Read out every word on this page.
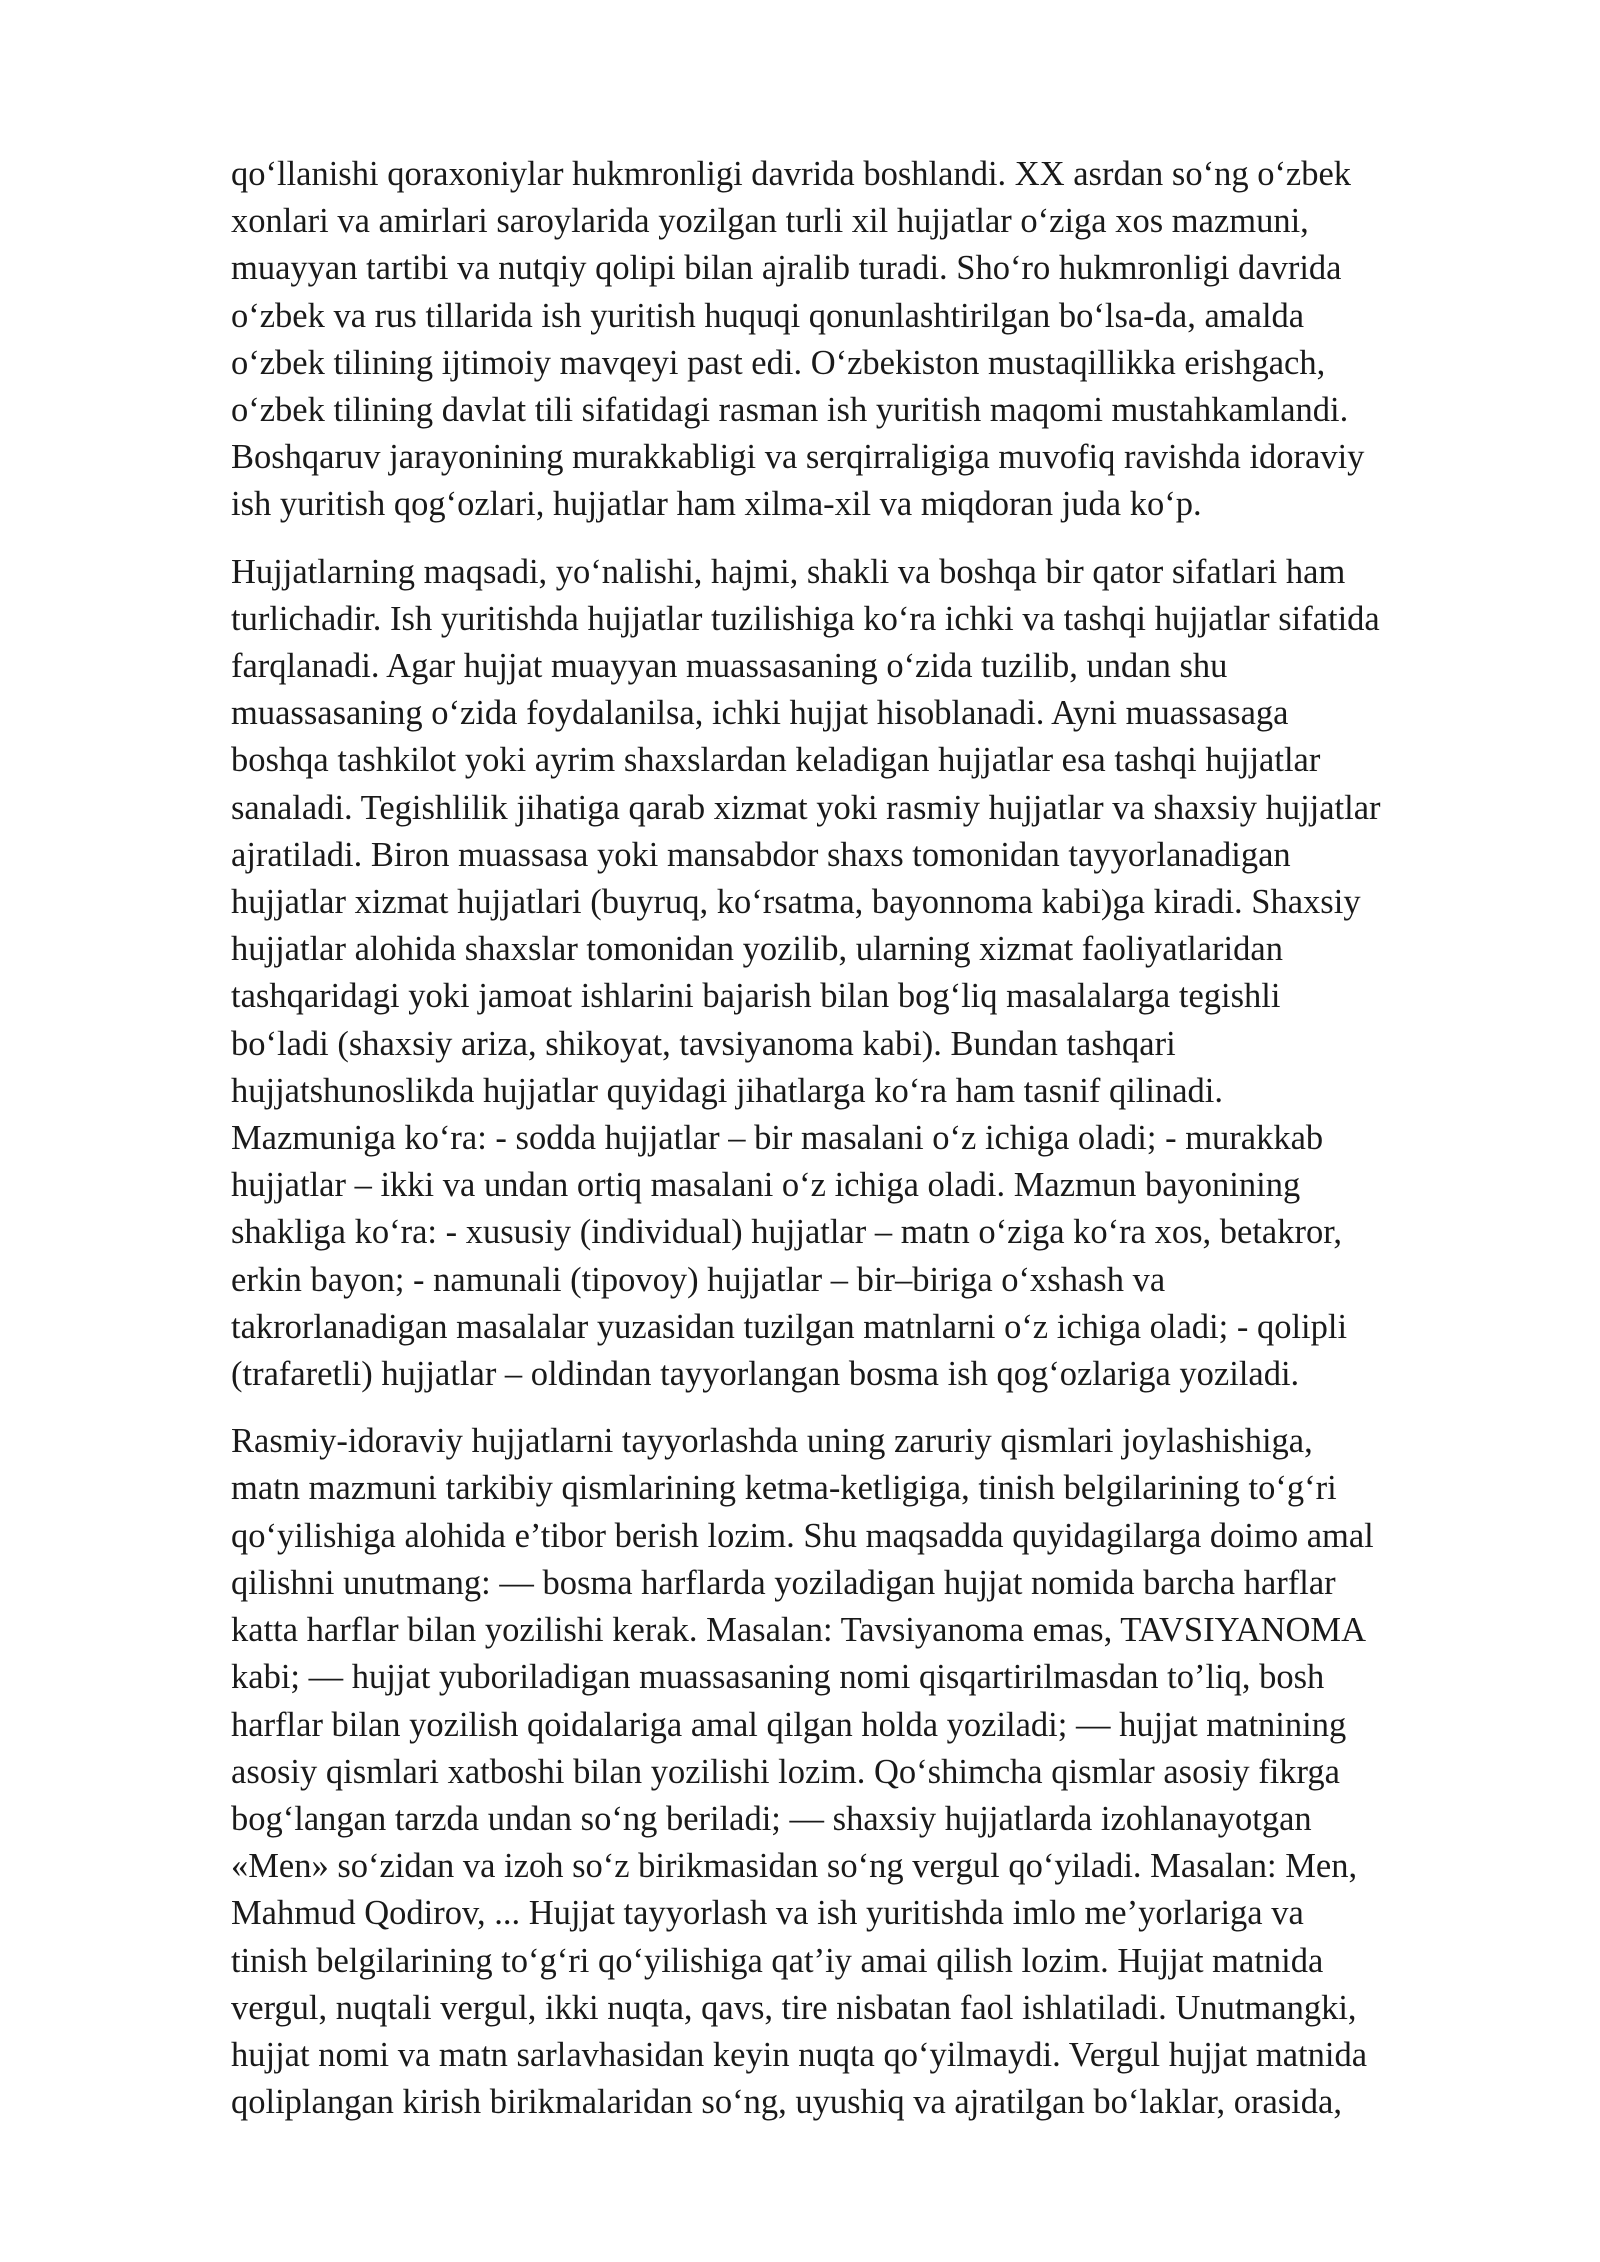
qo‘llanishi qoraxoniylar hukmronligi davrida boshlandi. XX asrdan so‘ng o‘zbek
xonlari va amirlari saroylarida yozilgan turli xil hujjatlar o‘ziga xos mazmuni,
muayyan tartibi va nutqiy qolipi bilan ajralib turadi. Sho‘ro hukmronligi davrida
o‘zbek va rus tillarida ish yuritish huquqi qonunlashtirilgan bo‘lsa-da, amalda
o‘zbek tilining ijtimoiy mavqeyi past edi. O‘zbekiston mustaqillikka erishgach,
o‘zbek tilining davlat tili sifatidagi rasman ish yuritish maqomi mustahkamlandi.
Boshqaruv jarayonining murakkabligi va serqirraligiga muvofiq ravishda idoraviy
ish yuritish qog‘ozlari, hujjatlar ham xilma-xil va miqdoran juda ko‘p.
Hujjatlarning maqsadi, yo‘nalishi, hajmi, shakli va boshqa bir qator sifatlari ham
turlichadir. Ish yuritishda hujjatlar tuzilishiga ko‘ra ichki va tashqi hujjatlar sifatida
farqlanadi. Agar hujjat muayyan muassasaning o‘zida tuzilib, undan shu
muassasaning o‘zida foydalanilsa, ichki hujjat hisoblanadi. Ayni muassasaga
boshqa tashkilot yoki ayrim shaxslardan keladigan hujjatlar esa tashqi hujjatlar
sanaladi. Tegishlilik jihatiga qarab xizmat yoki rasmiy hujjatlar va shaxsiy hujjatlar
ajratiladi. Biron muassasa yoki mansabdor shaxs tomonidan tayyorlanadigan
hujjatlar xizmat hujjatlari (buyruq, ko‘rsatma, bayonnoma kabi)ga kiradi. Shaxsiy
hujjatlar alohida shaxslar tomonidan yozilib, ularning xizmat faoliyatlaridan
tashqaridagi yoki jamoat ishlarini bajarish bilan bog‘liq masalalarga tegishli
bo‘ladi (shaxsiy ariza, shikoyat, tavsiyanoma kabi). Bundan tashqari
hujjatshunoslikda hujjatlar quyidagi jihatlarga ko‘ra ham tasnif qilinadi.
Mazmuniga ko‘ra: - sodda hujjatlar – bir masalani o‘z ichiga oladi; - murakkab
hujjatlar – ikki va undan ortiq masalani o‘z ichiga oladi. Mazmun bayonining
shakliga ko‘ra: - xususiy (individual) hujjatlar – matn o‘ziga ko‘ra xos, betakror,
erkin bayon; - namunali (tipovoy) hujjatlar – bir–biriga o‘xshash va
takrorlanadigan masalalar yuzasidan tuzilgan matnlarni o‘z ichiga oladi; - qolipli
(trafaretli) hujjatlar – oldindan tayyorlangan bosma ish qog‘ozlariga yoziladi.
Rasmiy-idoraviy hujjatlarni tayyorlashda uning zaruriy qismlari joylashishiga,
matn mazmuni tarkibiy qismlarining ketma-ketligiga, tinish belgilarining to‘g‘ri
qo‘yilishiga alohida e’tibor berish lozim. Shu maqsadda quyidagilarga doimo amal
qilishni unutmang: — bosma harflarda yoziladigan hujjat nomida barcha harflar
katta harflar bilan yozilishi kerak. Masalan: Tavsiyanoma emas, TAVSIYANOMA
kabi; — hujjat yuboriladigan muassasaning nomi qisqartirilmasdan to’liq, bosh
harflar bilan yozilish qoidalariga amal qilgan holda yoziladi; — hujjat matnining
asosiy qismlari xatboshi bilan yozilishi lozim. Qo‘shimcha qismlar asosiy fikrga
bog‘langan tarzda undan so‘ng beriladi; — shaxsiy hujjatlarda izohlanayotgan
«Men» so‘zidan va izoh so‘z birikmasidan so‘ng vergul qo‘yiladi. Masalan: Men,
Mahmud Qodirov, ... Hujjat tayyorlash va ish yuritishda imlo me’yorlariga va
tinish belgilarining to‘g‘ri qo‘yilishiga qat’iy amai qilish lozim. Hujjat matnida
vergul, nuqtali vergul, ikki nuqta, qavs, tire nisbatan faol ishlatiladi. Unutmangki,
hujjat nomi va matn sarlavhasidan keyin nuqta qo‘yilmaydi. Vergul hujjat matnida
qoliplangan kirish birikmalaridan so‘ng, uyushiq va ajratilgan bo‘laklar, orasida,
